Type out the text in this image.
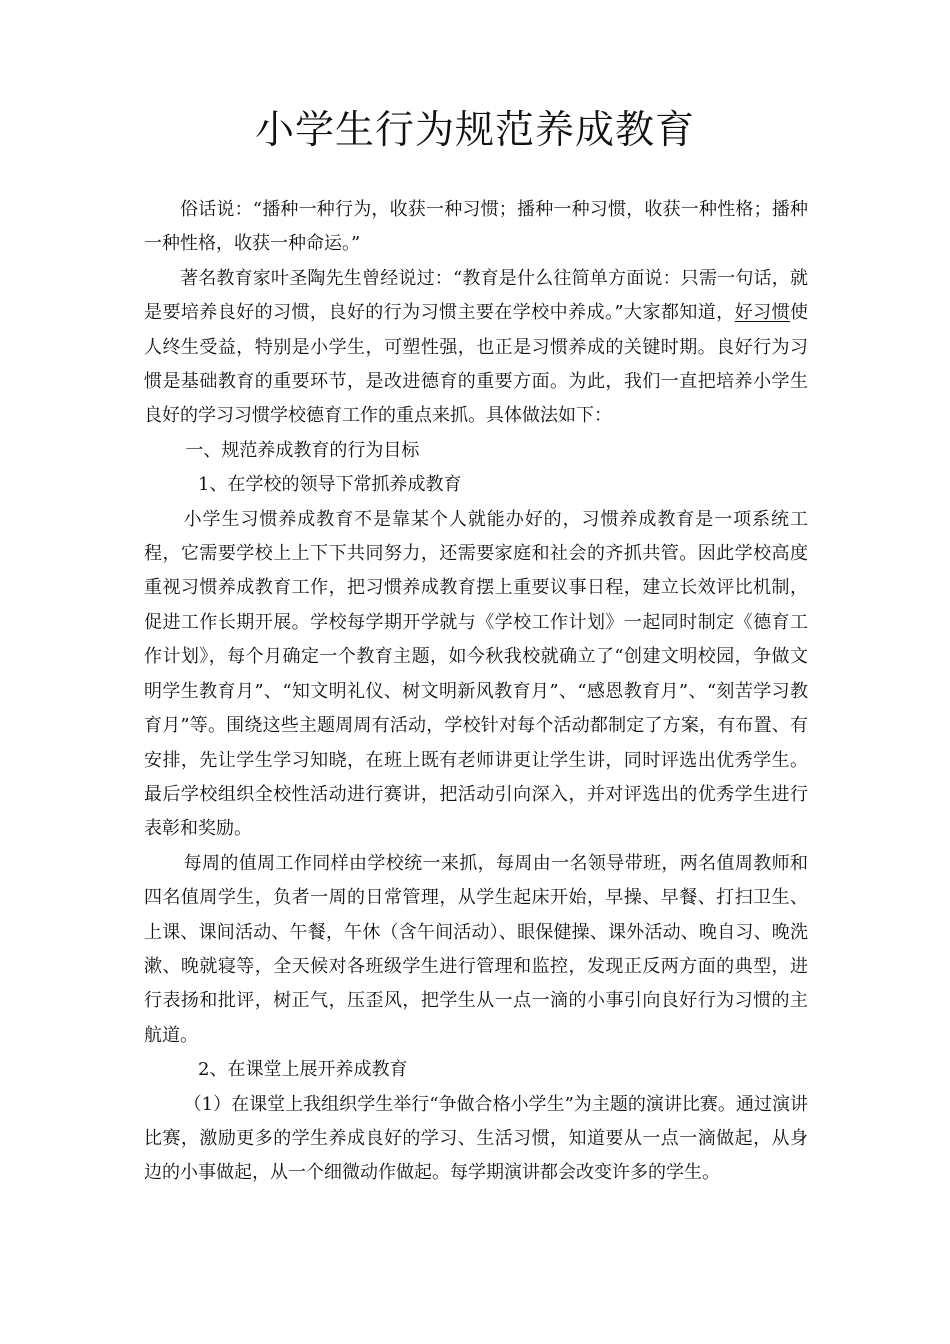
小学生行为规范养成教育

俗话说：“播种一种行为，收获一种习惯；播种一种习惯，收获一种性格；播种一种性格，收获一种命运。”

著名教育家叶圣陶先生曾经说过：“教育是什么往简单方面说：只需一句话，就是要培养良好的习惯，良好的行为习惯主要在学校中养成。”大家都知道，好习惯使人终生受益，特别是小学生，可塑性强，也正是习惯养成的关键时期。良好行为习惯是基础教育的重要环节，是改进德育的重要方面。为此，我们一直把培养小学生良好的学习习惯学校德育工作的重点来抓。具体做法如下：

一、规范养成教育的行为目标

1、在学校的领导下常抓养成教育

小学生习惯养成教育不是靠某个人就能办好的，习惯养成教育是一项系统工程，它需要学校上上下下共同努力，还需要家庭和社会的齐抓共管。因此学校高度重视习惯养成教育工作，把习惯养成教育摆上重要议事日程，建立长效评比机制，促进工作长期开展。学校每学期开学就与《学校工作计划》一起同时制定《德育工作计划》，每个月确定一个教育主题，如今秋我校就确立了“创建文明校园，争做文明学生教育月”、“知文明礼仪、树文明新风教育月”、“感恩教育月”、“刻苦学习教育月”等。围绕这些主题周周有活动，学校针对每个活动都制定了方案，有布置、有安排，先让学生学习知晓，在班上既有老师讲更让学生讲，同时评选出优秀学生。最后学校组织全校性活动进行赛讲，把活动引向深入，并对评选出的优秀学生进行表彰和奖励。

每周的值周工作同样由学校统一来抓，每周由一名领导带班，两名值周教师和四名值周学生，负者一周的日常管理，从学生起床开始，早操、早餐、打扫卫生、上课、课间活动、午餐，午休（含午间活动）、眼保健操、课外活动、晚自习、晚洗漱、晚就寝等，全天候对各班级学生进行管理和监控，发现正反两方面的典型，进行表扬和批评，树正气，压歪风，把学生从一点一滴的小事引向良好行为习惯的主航道。

2、在课堂上展开养成教育

（1）在课堂上我组织学生举行“争做合格小学生”为主题的演讲比赛。通过演讲比赛，激励更多的学生养成良好的学习、生活习惯，知道要从一点一滴做起，从身边的小事做起，从一个细微动作做起。每学期演讲都会改变许多的学生。
